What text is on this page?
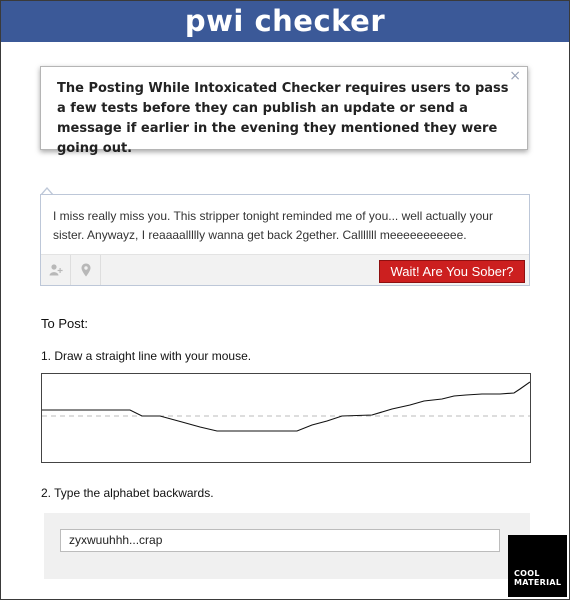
pwi checker
The Posting While Intoxicated Checker requires users to pass a few tests before they can publish an update or send a message if earlier in the evening they mentioned they were going out.
×
I miss really miss you. This stripper tonight reminded me of you... well actually your sister. Anywayz, I reaaaallllly wanna get back 2gether. Calllllll meeeeeeeeeee.
Wait! Are You Sober?
To Post:
1. Draw a straight line with your mouse.
2. Type the alphabet backwards.
zyxwuuhhh...crap
COOL
MATERIAL
